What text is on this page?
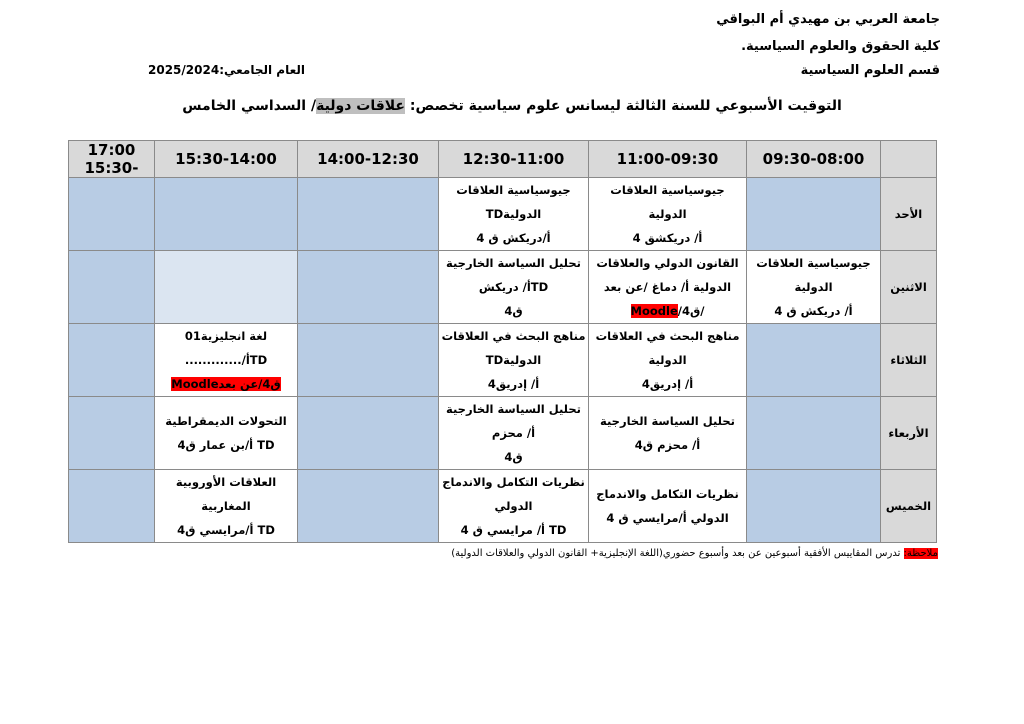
جامعة العربي بن مهيدي أم البواقي
كلية الحقوق والعلوم السياسية.
قسم العلوم السياسية
العام الجامعي:2025/2024
التوقيت الأسبوعي للسنة الثالثة ليسانس علوم سياسية تخصص: علاقات دولية/ السداسي الخامس
	09:30-08:00	11:00-09:30	12:30-11:00	14:00-12:30	15:30-14:00	17:00 -15:30
الأحد		جيوسياسية العلاقات
الدولية
أ/ دريكشق 4	جيوسياسية العلاقات
الدوليةTD
أ/دريكش ق 4			

الاثنين	جيوسياسية العلاقات
الدولية
أ/ دريكش ق 4	القانون الدولي والعلاقات
الدولية أ/ دماغ /عن بعد
/ق4/Moodle	تحليل السياسة الخارجية
TDأ/ دريكش
ق4			

الثلاثاء		مناهج البحث في العلاقات
الدولية
أ/ إدريق4	مناهج البحث في العلاقات
الدوليةTD
أ/ إدريق4		لغة انجليزية01
TDأ/.............
ق4/عن بعدMoodle	

الأربعاء		تحليل السياسة الخارجية
أ/ محزم ق4	تحليل السياسة الخارجية
أ/ محزم
ق4		التحولات الديمقراطية
TD أ/بن عمار ق4	

الخميس		نظريات التكامل والاندماج
الدولي أ/مرايسي ق 4	نظريات التكامل والاندماج
الدولي
TD أ/ مرايسي ق 4		العلاقات الأوروبية
المغاربية
TD أ/مرايسي ق4	

ملاحظة: تدرس المقاييس الأفقية أسبوعين عن بعد وأسبوع حضوري(اللغة الإنجليزية+ القانون الدولي والعلاقات الدولية)
